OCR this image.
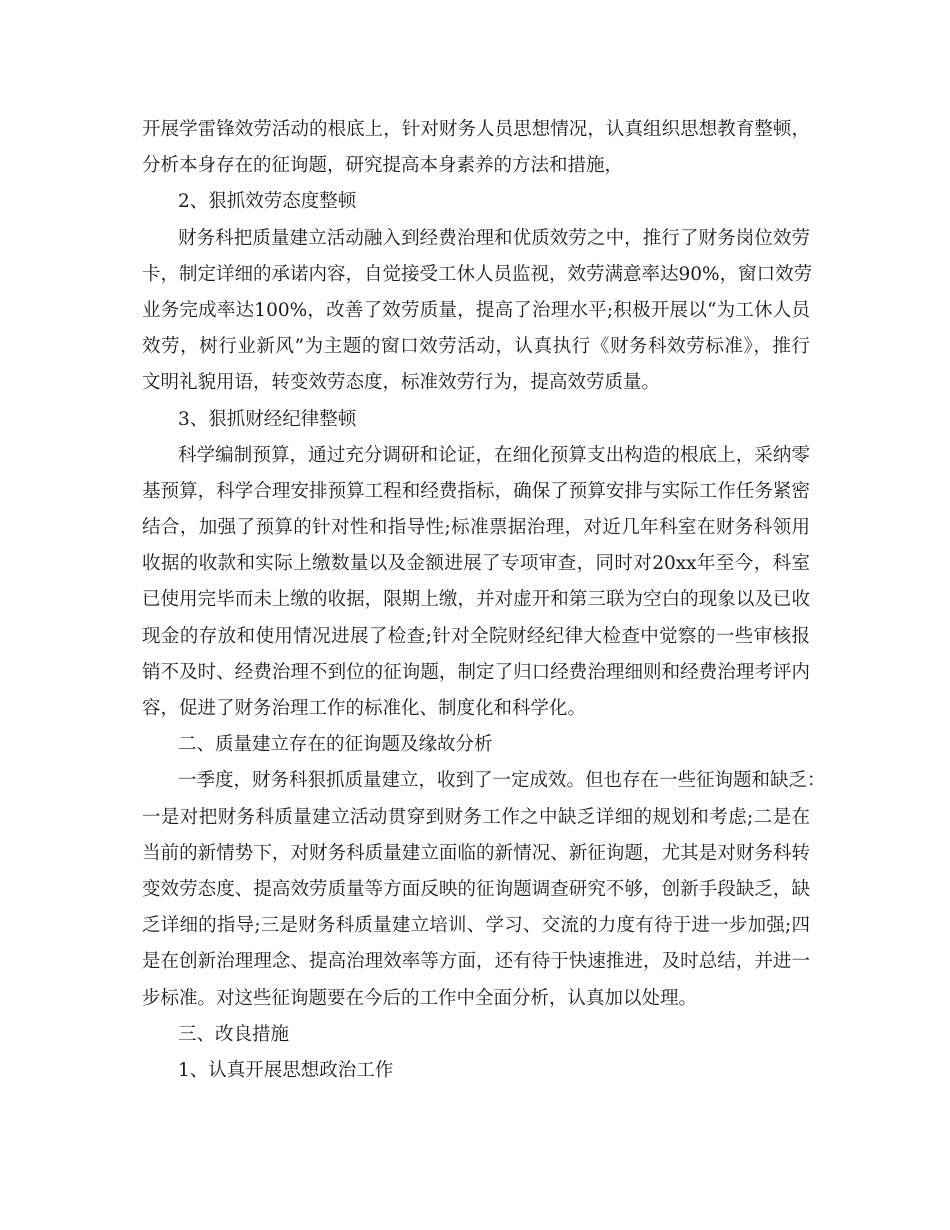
开展学雷锋效劳活动的根底上，针对财务人员思想情况，认真组织思想教育整顿，
分析本身存在的征询题，研究提高本身素养的方法和措施，
2、狠抓效劳态度整顿
财务科把质量建立活动融入到经费治理和优质效劳之中，推行了财务岗位效劳
卡，制定详细的承诺内容，自觉接受工休人员监视，效劳满意率达90%，窗口效劳
业务完成率达100%，改善了效劳质量，提高了治理水平;积极开展以“为工休人员
效劳，树行业新风”为主题的窗口效劳活动，认真执行《财务科效劳标准》，推行
文明礼貌用语，转变效劳态度，标准效劳行为，提高效劳质量。
3、狠抓财经纪律整顿
科学编制预算，通过充分调研和论证，在细化预算支出构造的根底上，采纳零
基预算，科学合理安排预算工程和经费指标，确保了预算安排与实际工作任务紧密
结合，加强了预算的针对性和指导性;标准票据治理，对近几年科室在财务科领用
收据的收款和实际上缴数量以及金额进展了专项审查，同时对20xx年至今，科室
已使用完毕而未上缴的收据，限期上缴，并对虚开和第三联为空白的现象以及已收
现金的存放和使用情况进展了检查;针对全院财经纪律大检查中觉察的一些审核报
销不及时、经费治理不到位的征询题，制定了归口经费治理细则和经费治理考评内
容，促进了财务治理工作的标准化、制度化和科学化。
二、质量建立存在的征询题及缘故分析
一季度，财务科狠抓质量建立，收到了一定成效。但也存在一些征询题和缺乏：
一是对把财务科质量建立活动贯穿到财务工作之中缺乏详细的规划和考虑;二是在
当前的新情势下，对财务科质量建立面临的新情况、新征询题，尤其是对财务科转
变效劳态度、提高效劳质量等方面反映的征询题调查研究不够，创新手段缺乏，缺
乏详细的指导;三是财务科质量建立培训、学习、交流的力度有待于进一步加强;四
是在创新治理理念、提高治理效率等方面，还有待于快速推进，及时总结，并进一
步标准。对这些征询题要在今后的工作中全面分析，认真加以处理。
三、改良措施
1、认真开展思想政治工作
